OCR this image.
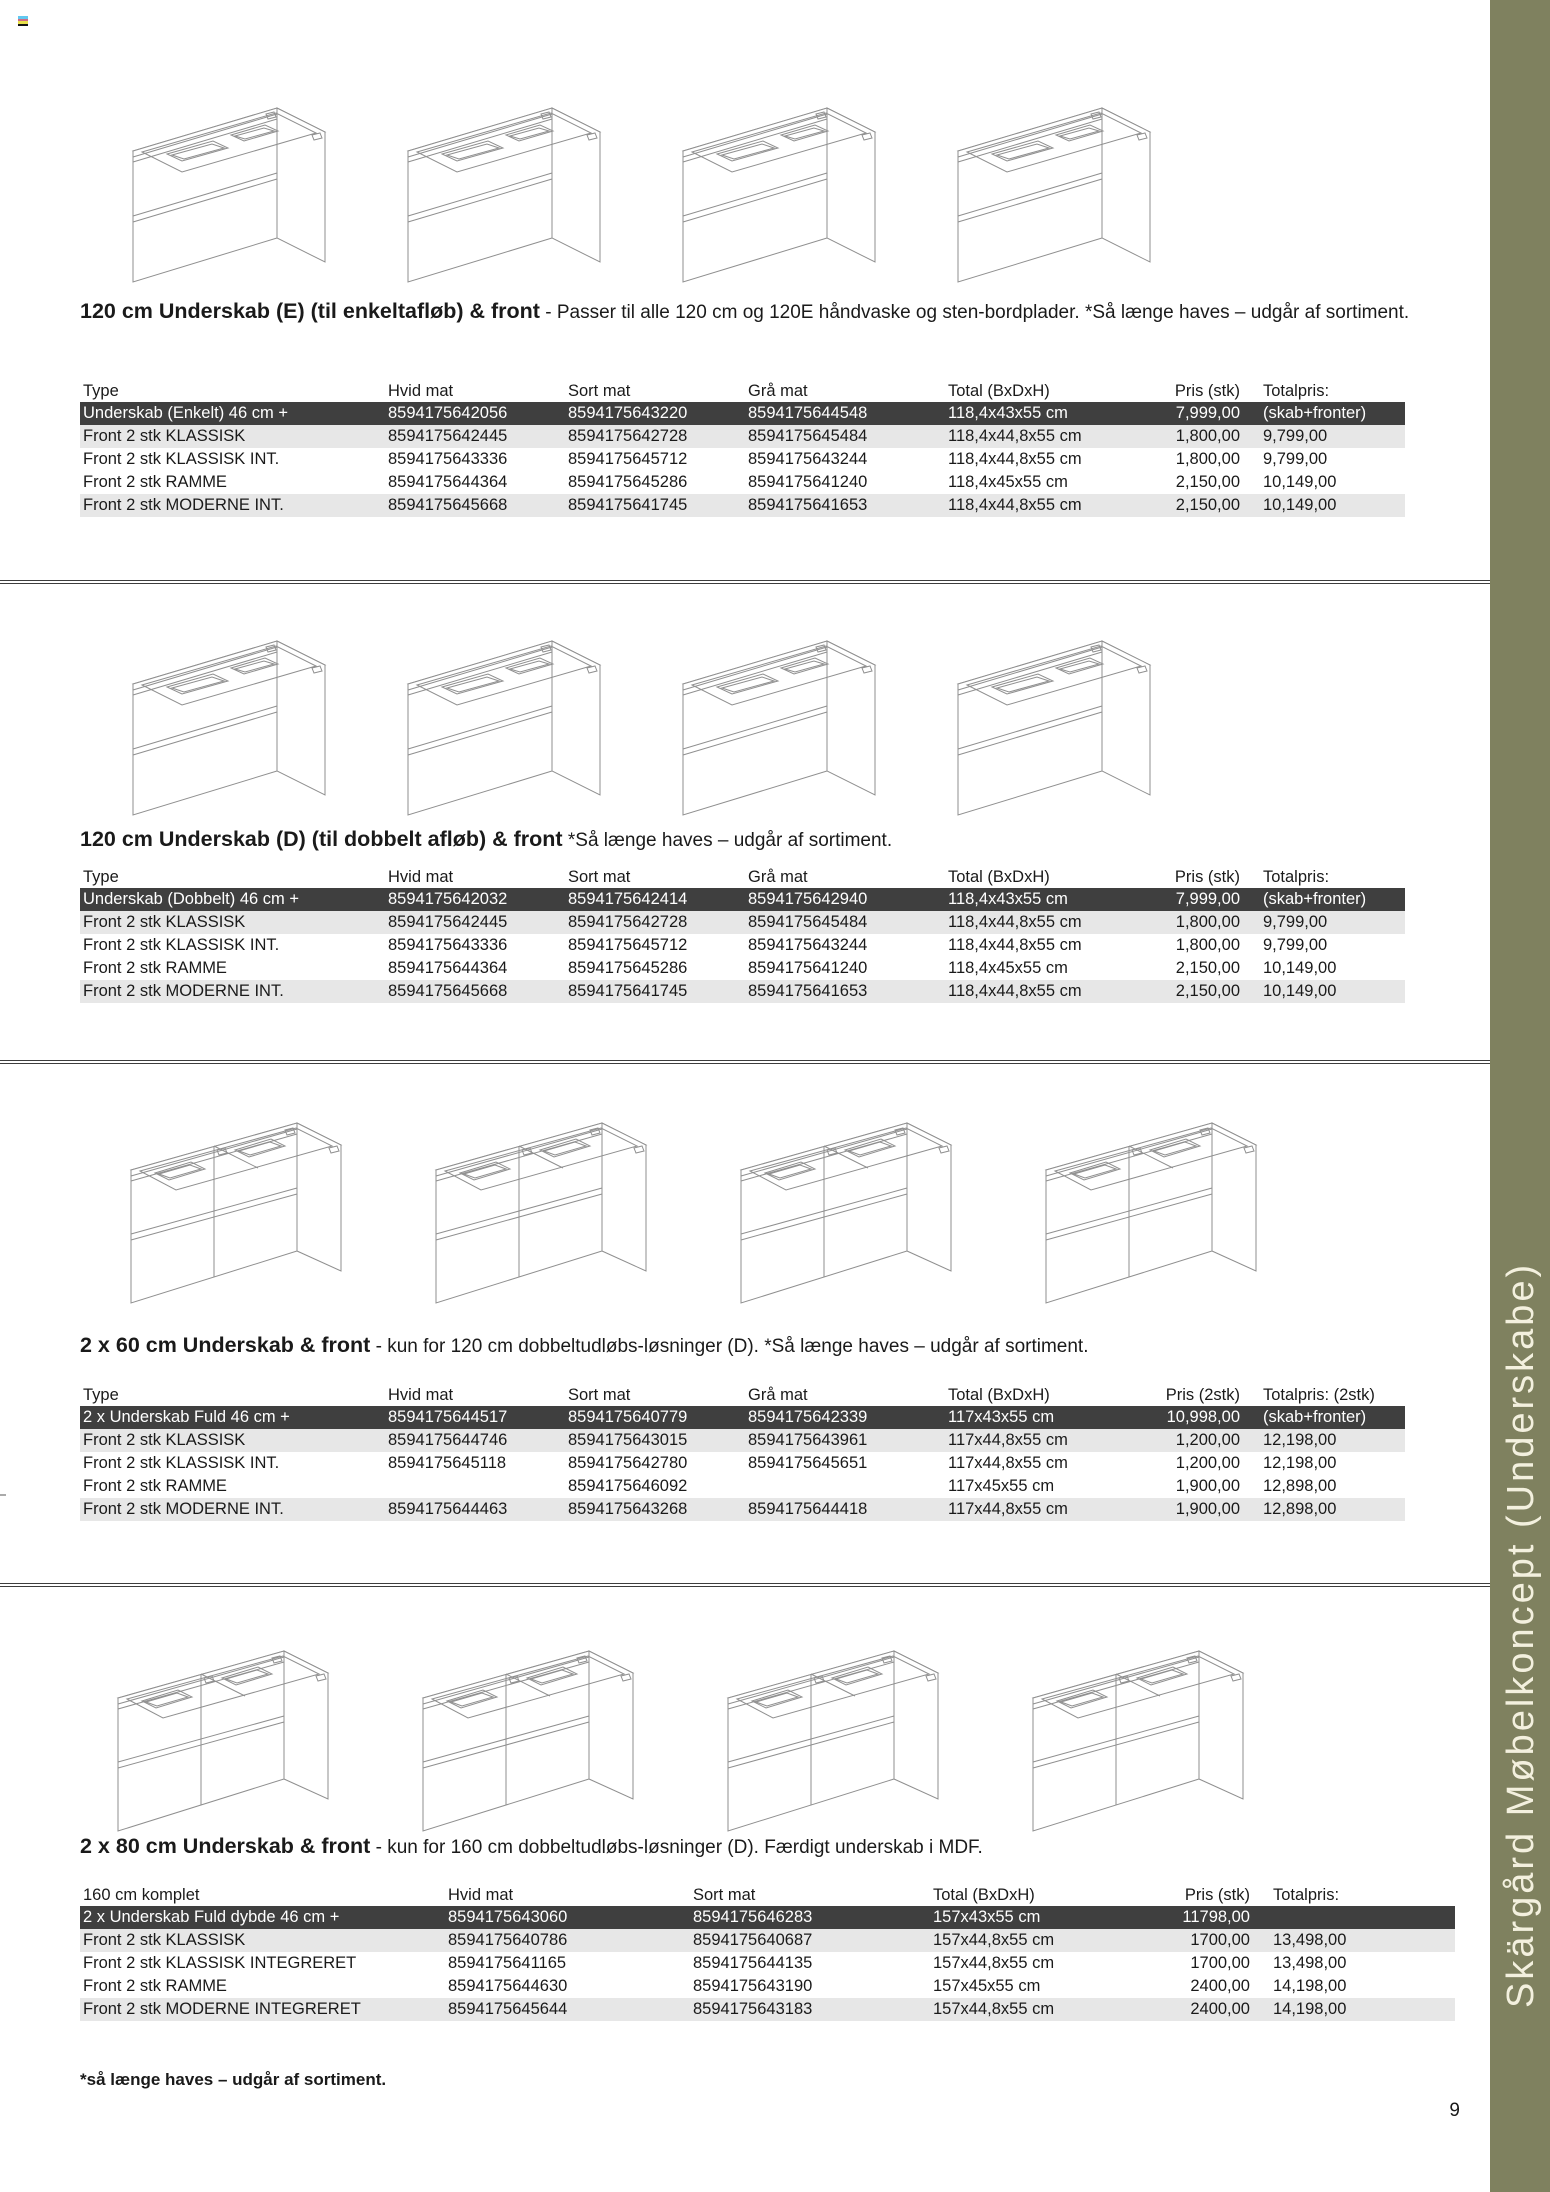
120 cm Underskab (E) (til enkeltafløb) & front - Passer til alle 120 cm og 120E håndvaske og sten-bordplader. *Så længe haves – udgår af sortiment.
Type	Hvid mat	Sort mat	Grå mat	Total (BxDxH)	Pris (stk)	Totalpris:
Underskab (Enkelt) 46 cm +	8594175642056	8594175643220	8594175644548	118,4x43x55 cm	7,999,00	(skab+fronter)
Front 2 stk KLASSISK	8594175642445	8594175642728	8594175645484	118,4x44,8x55 cm	1,800,00	9,799,00
Front 2 stk KLASSISK INT.	8594175643336	8594175645712	8594175643244	118,4x44,8x55 cm	1,800,00	9,799,00
Front 2 stk RAMME	8594175644364	8594175645286	8594175641240	118,4x45x55 cm	2,150,00	10,149,00
Front 2 stk MODERNE INT.	8594175645668	8594175641745	8594175641653	118,4x44,8x55 cm	2,150,00	10,149,00
120 cm Underskab (D) (til dobbelt afløb) & front *Så længe haves – udgår af sortiment.
Type	Hvid mat	Sort mat	Grå mat	Total (BxDxH)	Pris (stk)	Totalpris:
Underskab (Dobbelt) 46 cm +	8594175642032	8594175642414	8594175642940	118,4x43x55 cm	7,999,00	(skab+fronter)
Front 2 stk KLASSISK	8594175642445	8594175642728	8594175645484	118,4x44,8x55 cm	1,800,00	9,799,00
Front 2 stk KLASSISK INT.	8594175643336	8594175645712	8594175643244	118,4x44,8x55 cm	1,800,00	9,799,00
Front 2 stk RAMME	8594175644364	8594175645286	8594175641240	118,4x45x55 cm	2,150,00	10,149,00
Front 2 stk MODERNE INT.	8594175645668	8594175641745	8594175641653	118,4x44,8x55 cm	2,150,00	10,149,00
2 x 60 cm Underskab & front - kun for 120 cm dobbeltudløbs-løsninger (D). *Så længe haves – udgår af sortiment.
Type	Hvid mat	Sort mat	Grå mat	Total (BxDxH)	Pris (2stk)	Totalpris: (2stk)
2 x Underskab Fuld 46 cm +	8594175644517	8594175640779	8594175642339	117x43x55 cm	10,998,00	(skab+fronter)
Front 2 stk KLASSISK	8594175644746	8594175643015	8594175643961	117x44,8x55 cm	1,200,00	12,198,00
Front 2 stk KLASSISK INT.	8594175645118	8594175642780	8594175645651	117x44,8x55 cm	1,200,00	12,198,00
Front 2 stk RAMME		8594175646092		117x45x55 cm	1,900,00	12,898,00
Front 2 stk MODERNE INT.	8594175644463	8594175643268	8594175644418	117x44,8x55 cm	1,900,00	12,898,00
2 x 80 cm Underskab & front - kun for 160 cm dobbeltudløbs-løsninger (D). Færdigt underskab i MDF.
160 cm komplet	Hvid mat	Sort mat	Total (BxDxH)	Pris (stk)	Totalpris:
2 x Underskab Fuld dybde 46 cm +	8594175643060	8594175646283	157x43x55 cm	11798,00	
Front 2 stk KLASSISK	8594175640786	8594175640687	157x44,8x55 cm	1700,00	13,498,00
Front 2 stk KLASSISK INTEGRERET	8594175641165	8594175644135	157x44,8x55 cm	1700,00	13,498,00
Front 2 stk RAMME	8594175644630	8594175643190	157x45x55 cm	2400,00	14,198,00
Front 2 stk MODERNE INTEGRERET	8594175645644	8594175643183	157x44,8x55 cm	2400,00	14,198,00
*så længe haves – udgår af sortiment.
9
Skärgård Møbelkoncept (Underskabe)
